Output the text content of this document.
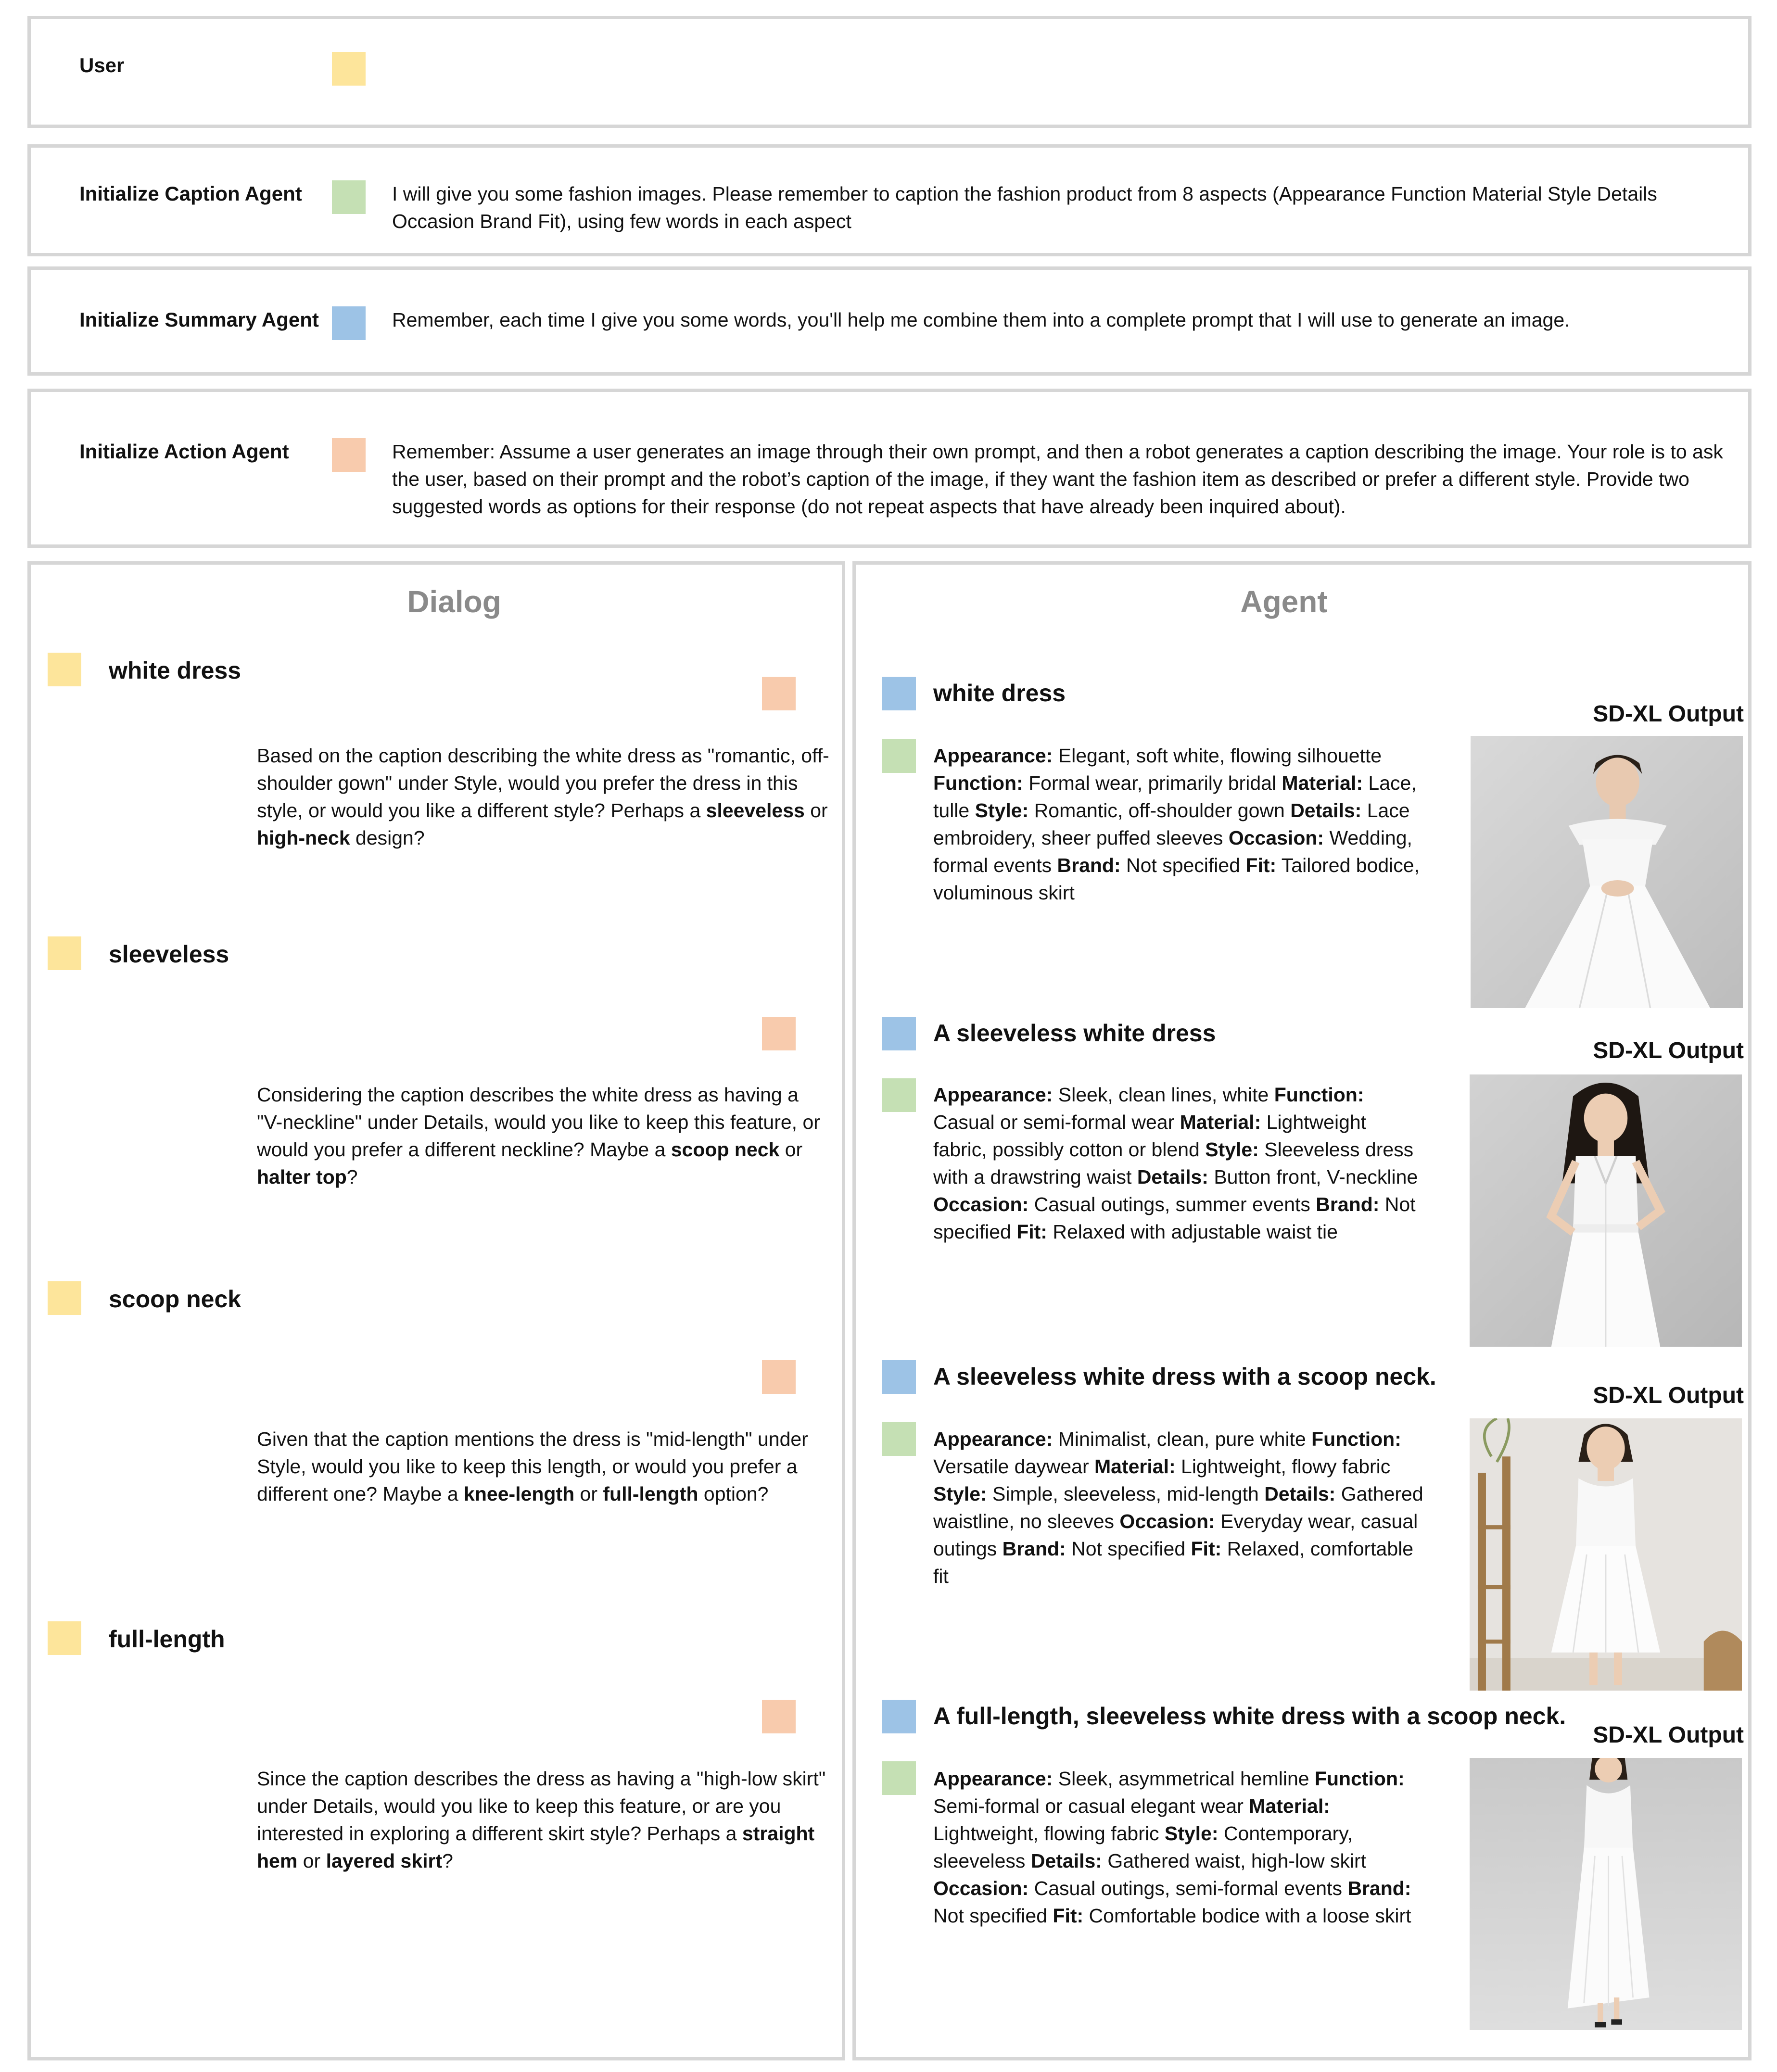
User
Initialize Caption Agent	I will give you some fashion images. Please remember to caption the fashion product from 8 aspects (Appearance Function Material Style Details Occasion Brand Fit), using few words in each aspect
Initialize Summary Agent	Remember, each time I give you some words, you'll help me combine them into a complete prompt that I will use to generate an image.
Initialize Action Agent	Remember: Assume a user generates an image through their own prompt, and then a robot generates a caption describing the image. Your role is to ask the user, based on their prompt and the robot’s caption of the image, if they want the fashion item as described or prefer a different style. Provide two suggested words as options for their response (do not repeat aspects that have already been inquired about).
Dialog
white dress
Based on the caption describing the white dress as "romantic, off-shoulder gown" under Style, would you prefer the dress in this style, or would you like a different style? Perhaps a sleeveless or high-neck design?
sleeveless
Considering the caption describes the white dress as having a "V-neckline" under Details, would you like to keep this feature, or would you prefer a different neckline? Maybe a scoop neck or halter top?
scoop neck
Given that the caption mentions the dress is "mid-length" under Style, would you like to keep this length, or would you prefer a different one? Maybe a knee-length or full-length option?
full-length
Since the caption describes the dress as having a "high-low skirt" under Details, would you like to keep this feature, or are you interested in exploring a different skirt style? Perhaps a straight hem or layered skirt?
Agent
white dress
SD-XL Output
Appearance: Elegant, soft white, flowing silhouette Function: Formal wear, primarily bridal Material: Lace, tulle Style: Romantic, off-shoulder gown Details: Lace embroidery, sheer puffed sleeves Occasion: Wedding, formal events Brand: Not specified Fit: Tailored bodice, voluminous skirt
A sleeveless white dress
SD-XL Output
Appearance: Sleek, clean lines, white Function: Casual or semi-formal wear Material: Lightweight fabric, possibly cotton or blend Style: Sleeveless dress with a drawstring waist Details: Button front, V-neckline Occasion: Casual outings, summer events Brand: Not specified Fit: Relaxed with adjustable waist tie
A sleeveless white dress with a scoop neck.
SD-XL Output
Appearance: Minimalist, clean, pure white Function: Versatile daywear Material: Lightweight, flowy fabric Style: Simple, sleeveless, mid-length Details: Gathered waistline, no sleeves Occasion: Everyday wear, casual outings Brand: Not specified Fit: Relaxed, comfortable fit
A full-length, sleeveless white dress with a scoop neck.
SD-XL Output
Appearance: Sleek, asymmetrical hemline Function: Semi-formal or casual elegant wear Material: Lightweight, flowing fabric Style: Contemporary, sleeveless Details: Gathered waist, high-low skirt Occasion: Casual outings, semi-formal events Brand: Not specified Fit: Comfortable bodice with a loose skirt
